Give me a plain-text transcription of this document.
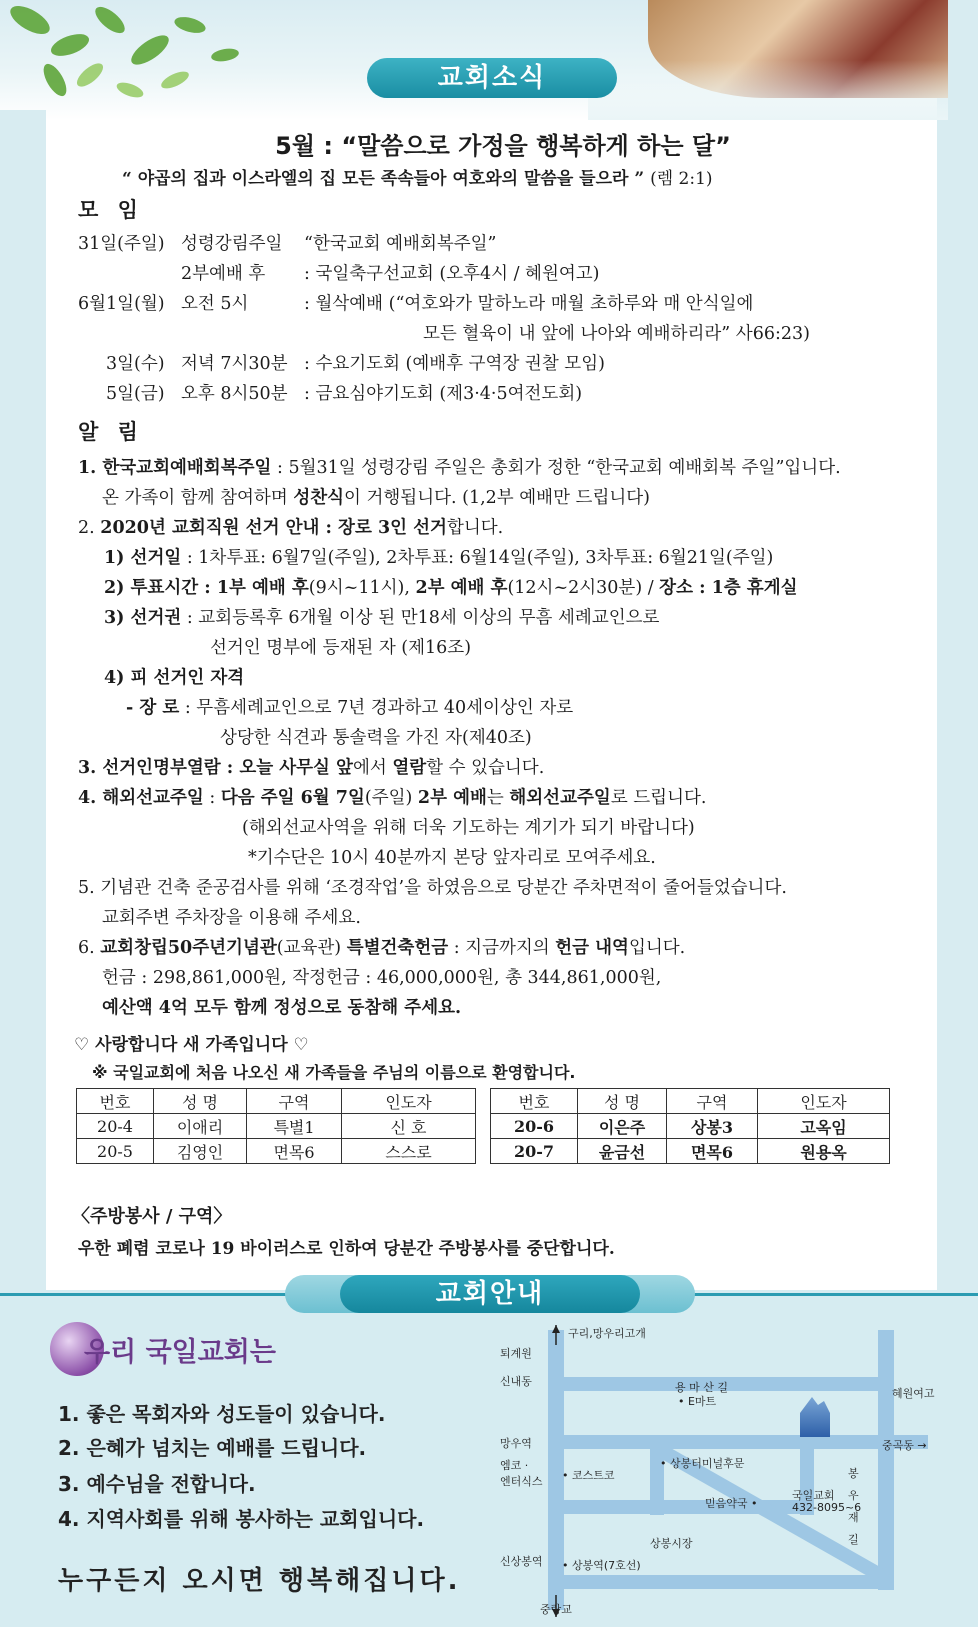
교회소식
5월 : “말씀으로 가정을 행복하게 하는 달”
“ 야곱의 집과 이스라엘의 집 모든 족속들아 여호와의 말씀을 들으라 ” (렘 2:1)
모 임
31일(주일) 성령강림주일 “한국교회 예배회복주일”
2부예배 후 : 국일축구선교회 (오후4시 / 혜원여고)
6월1일(월) 오전 5시	: 월삭예배 (“여호와가 말하노라 매월 초하루와 매 안식일에
모든 혈육이 내 앞에 나아와 예배하리라” 사66:23)
3일(수) 저녁 7시30분 : 수요기도회 (예배후 구역장 권찰 모임)
5일(금) 오후 8시50분 : 금요심야기도회 (제3·4·5여전도회)
알 림
1. 한국교회예배회복주일 : 5월31일 성령강림 주일은 총회가 정한 “한국교회 예배회복 주일”입니다.
온 가족이 함께 참여하며 성찬식이 거행됩니다. (1,2부 예배만 드립니다)
2. 2020년 교회직원 선거 안내 : 장로 3인 선거합니다.
1) 선거일 : 1차투표: 6월7일(주일), 2차투표: 6월14일(주일), 3차투표: 6월21일(주일)
2) 투표시간 : 1부 예배 후(9시~11시), 2부 예배 후(12시~2시30분) / 장소 : 1층 휴게실
3) 선거권 : 교회등록후 6개월 이상 된 만18세 이상의 무흠 세례교인으로
선거인 명부에 등재된 자 (제16조)
4) 피 선거인 자격
- 장 로 : 무흠세례교인으로 7년 경과하고 40세이상인 자로
상당한 식견과 통솔력을 가진 자(제40조)
3. 선거인명부열람 : 오늘 사무실 앞에서 열람할 수 있습니다.
4. 해외선교주일 : 다음 주일 6월 7일(주일) 2부 예배는 해외선교주일로 드립니다.
(해외선교사역을 위해 더욱 기도하는 계기가 되기 바랍니다)
*기수단은 10시 40분까지 본당 앞자리로 모여주세요.
5. 기념관 건축 준공검사를 위해 ‘조경작업’을 하였음으로 당분간 주차면적이 줄어들었습니다.
교회주변 주차장을 이용해 주세요.
6. 교회창립50주년기념관(교육관) 특별건축헌금 : 지금까지의 헌금 내역입니다.
헌금 : 298,861,000원, 작정헌금 : 46,000,000원, 총 344,861,000원,
예산액 4억 모두 함께 정성으로 동참해 주세요.
♡ 사랑합니다 새 가족입니다 ♡
※ 국일교회에 처음 나오신 새 가족들을 주님의 이름으로 환영합니다.
번호	성 명	구역	인도자
20-4	이애리	특별1	신 호
20-5	김영인	면목6	스스로
번호	성 명	구역	인도자
20-6	이은주	상봉3	고옥임
20-7	윤금선	면목6	원용옥
〈주방봉사 / 구역〉
우한 폐렴 코로나 19 바이러스로 인하여 당분간 주방봉사를 중단합니다.
교회안내
우리 국일교회는
1. 좋은 목회자와 성도들이 있습니다.
2. 은혜가 넘치는 예배를 드립니다.
3. 예수님을 전합니다.
4. 지역사회를 위해 봉사하는 교회입니다.
누구든지 오시면 행복해집니다.
구리,망우리고개
퇴계원
용 마 산 길
신내동
혜원여고
• E마트
망우역	중곡동 →
엠코 ·
엔터식스 • 코스트코
• 상봉터미널후문
국일교회
432-8095~6
믿음약국 •
봉
우
재
길
상봉시장
신상봉역 • 상봉역(7호선)
중랑교
